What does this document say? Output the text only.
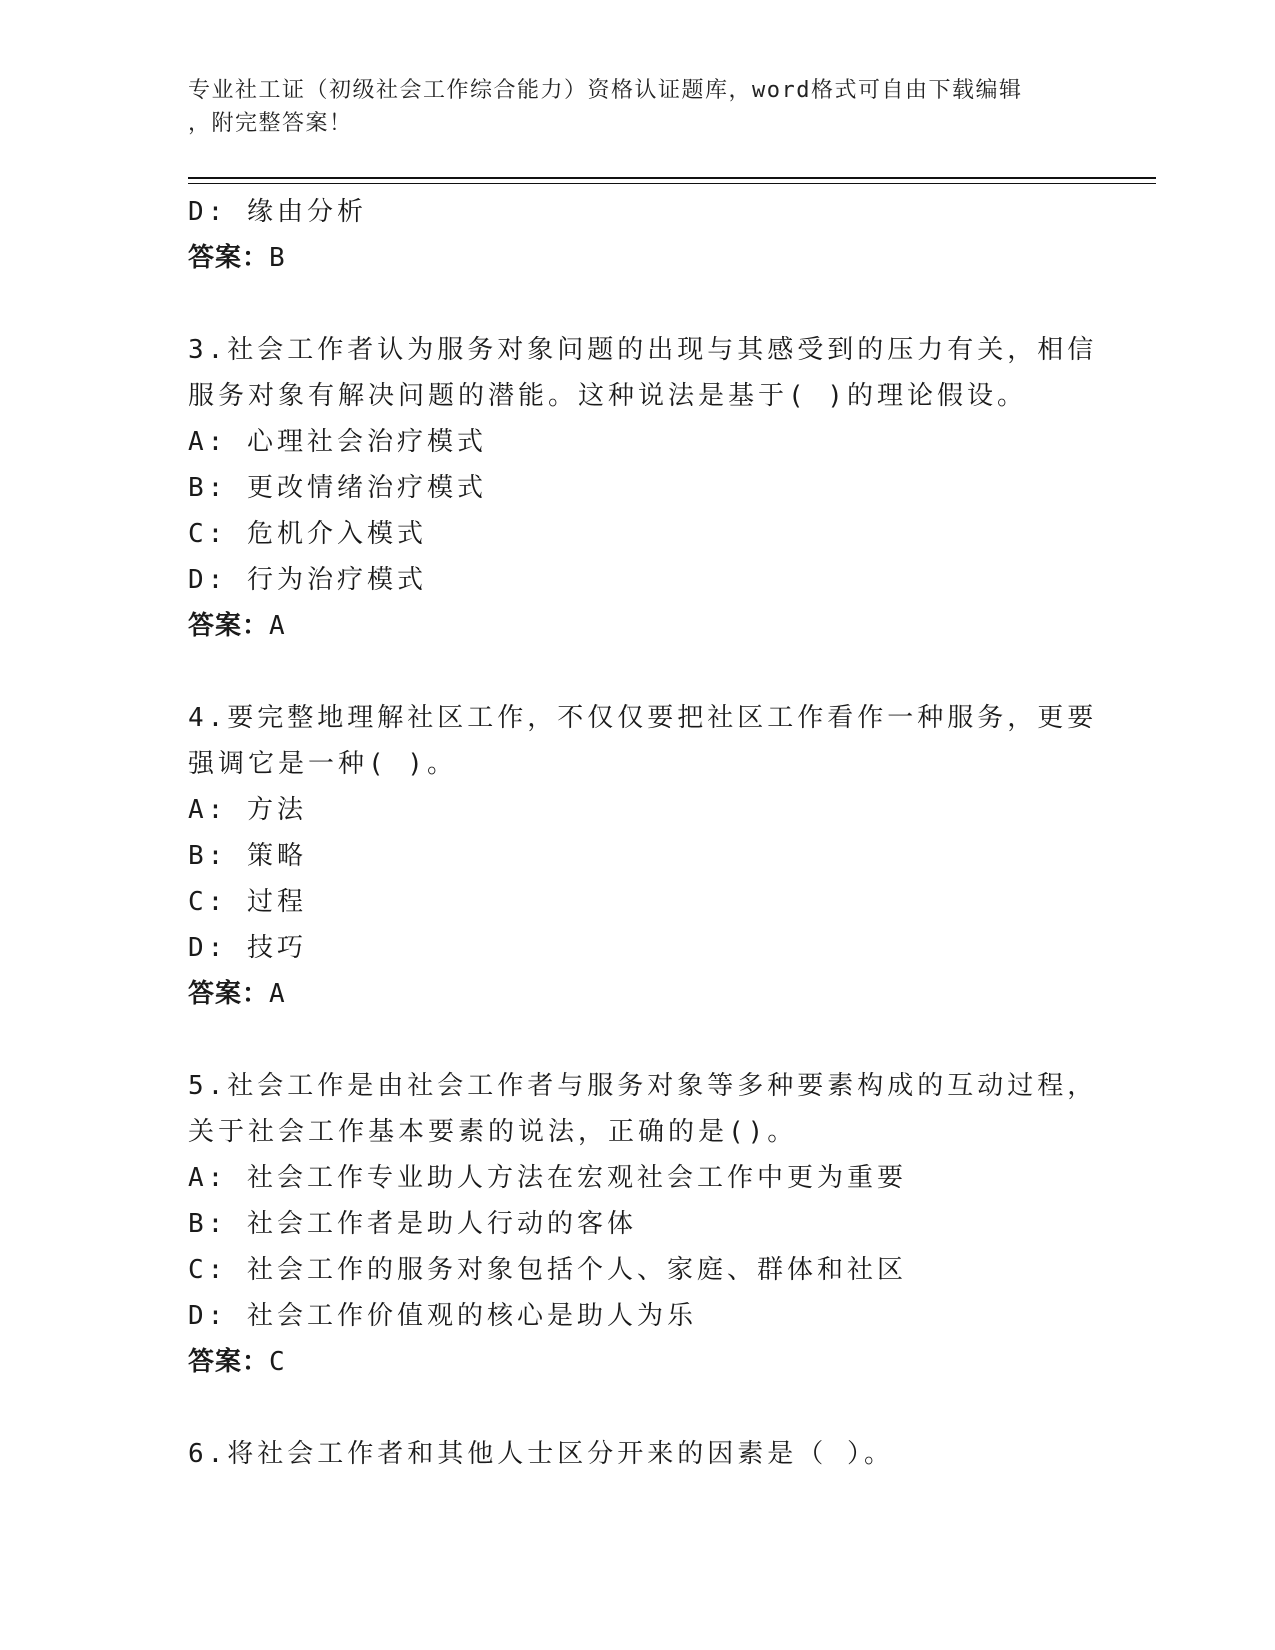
专业社工证（初级社会工作综合能力）资格认证题库，word格式可自由下载编辑
，附完整答案！
D: 缘由分析
答案：B
3.社会工作者认为服务对象问题的出现与其感受到的压力有关，相信
服务对象有解决问题的潜能。这种说法是基于( )的理论假设。
A: 心理社会治疗模式
B: 更改情绪治疗模式
C: 危机介入模式
D: 行为治疗模式
答案：A
4.要完整地理解社区工作，不仅仅要把社区工作看作一种服务，更要
强调它是一种( )。
A: 方法
B: 策略
C: 过程
D: 技巧
答案：A
5.社会工作是由社会工作者与服务对象等多种要素构成的互动过程，
关于社会工作基本要素的说法，正确的是()。
A: 社会工作专业助人方法在宏观社会工作中更为重要
B: 社会工作者是助人行动的客体
C: 社会工作的服务对象包括个人、家庭、群体和社区
D: 社会工作价值观的核心是助人为乐
答案：C
6.将社会工作者和其他人士区分开来的因素是（ ）。
